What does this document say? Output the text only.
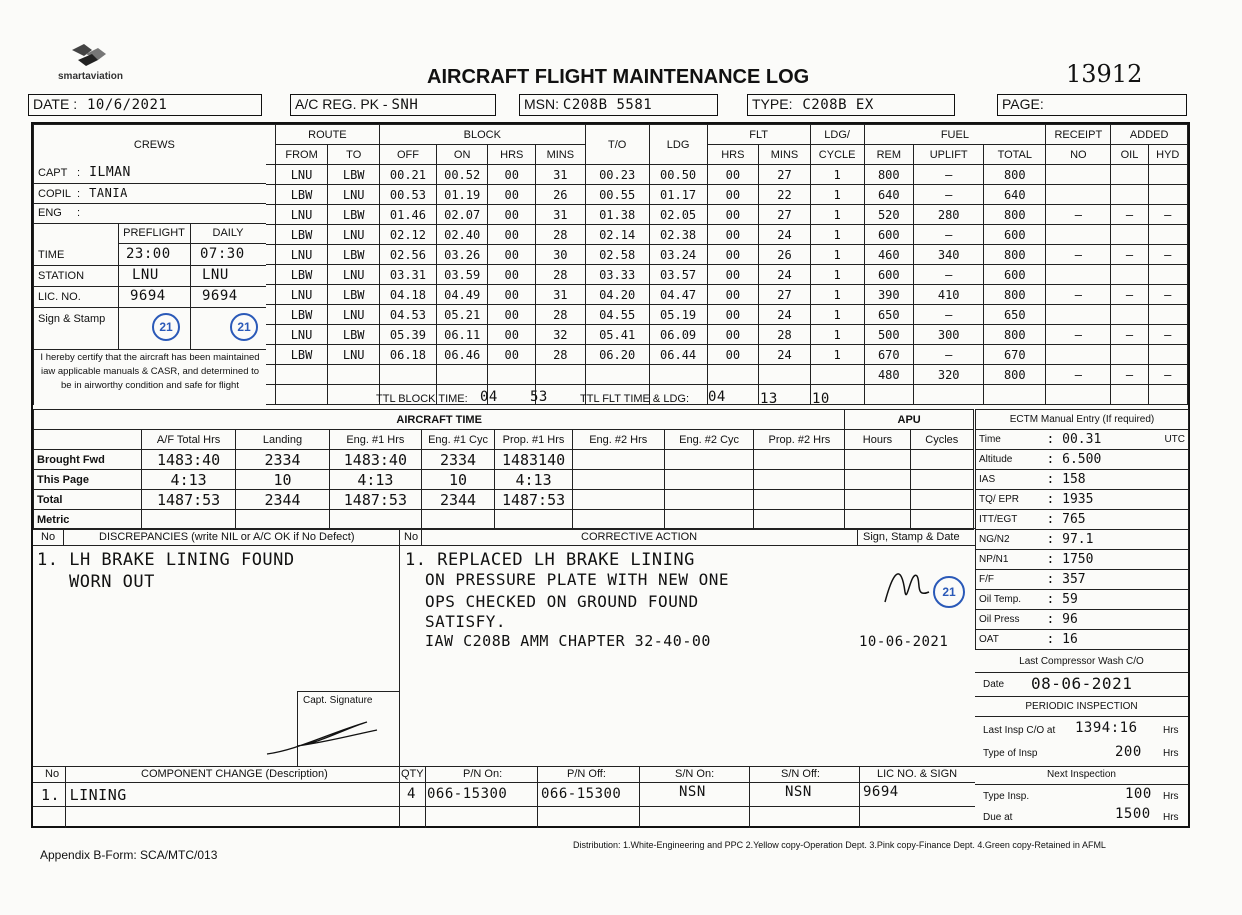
smartaviation	AIRCRAFT FLIGHT MAINTENANCE LOG	13912
DATE : 10/6/2021	A/C REG. PK - SNH	MSN: C208B 5581	TYPE: C208B EX	PAGE:
CREWS	ROUTE		BLOCK				T/O	LDG	FLT		LDG/	FUEL			RECEIPT	ADDED	
	FROM	TO	OFF	ON	HRS	MINS			HRS	MINS	CYCLE	REM	UPLIFT	TOTAL	NO	OIL	HYD
	LNU	LBW	00.21	00.52	00	31	00.23	00.50	00	27	1	800	—	800			
	LBW	LNU	00.53	01.19	00	26	00.55	01.17	00	22	1	640	—	640			
	LNU	LBW	01.46	02.07	00	31	01.38	02.05	00	27	1	520	280	800	—	—	—
	LBW	LNU	02.12	02.40	00	28	02.14	02.38	00	24	1	600	—	600			
	LNU	LBW	02.56	03.26	00	30	02.58	03.24	00	26	1	460	340	800	—	—	—
	LBW	LNU	03.31	03.59	00	28	03.33	03.57	00	24	1	600	—	600			
	LNU	LBW	04.18	04.49	00	31	04.20	04.47	00	27	1	390	410	800	—	—	—
	LBW	LNU	04.53	05.21	00	28	04.55	05.19	00	24	1	650	—	650			
	LNU	LBW	05.39	06.11	00	32	05.41	06.09	00	28	1	500	300	800	—	—	—
	LBW	LNU	06.18	06.46	00	28	06.20	06.44	00	24	1	670	—	670			
												480	320	800	—	—	—

CAPT : ILMAN
COPIL : TANIA
ENG :
PREFLIGHT	DAILY
TIME	23:00 07:30
STATION	LNU	LNU
LIC. NO.	9694	9694
Sign & Stamp
21	21
I hereby certify that the aircraft has been maintained iaw applicable manuals & CASR, and determined to be in airworthy condition and safe for flight
TTL BLOCK TIME: 04 53	TTL FLT TIME & LDG: 04 13 10
AIRCRAFT TIME									APU	
	A/F Total Hrs	Landing	Eng. #1 Hrs	Eng. #1 Cyc	Prop. #1 Hrs	Eng. #2 Hrs	Eng. #2 Cyc	Prop. #2 Hrs	Hours	Cycles
Brought Fwd	1483:40	2334	1483:40	2334	1483140					
This Page	4:13	10	4:13	10	4:13					
Total	1487:53	2344	1487:53	2344	1487:53					
Metric										
ECTM Manual Entry (If required)		
Time	: 00.31	UTC
Altitude	: 6.500	
IAS	: 158	
TQ/ EPR	: 1935	
ITT/EGT	: 765	
NG/N2	: 97.1	
NP/N1	: 1750	
F/F	: 357	
Oil Temp.	: 59	
Oil Press	: 96	
OAT	: 16	
Last Compressor Wash C/O
Date 08-06-2021
PERIODIC INSPECTION
Last Insp C/O at 1394:16	Hrs
Type of Insp	200 Hrs
Next Inspection
Type Insp.	100 Hrs
Due at	1500 Hrs
No	DISCREPANCIES (write NIL or A/C OK if No Defect)	No	CORRECTIVE ACTION	Sign, Stamp & Date
1. LH BRAKE LINING FOUND
WORN OUT
1. REPLACED LH BRAKE LINING
ON PRESSURE PLATE WITH NEW ONE
OPS CHECKED ON GROUND FOUND
SATISFY.
IAW C208B AMM CHAPTER 32-40-00	10-06-2021
21
Capt. Signature
No	COMPONENT CHANGE (Description)	QTY	P/N On:	P/N Off:	S/N On:	S/N Off:	LIC NO. & SIGN
1. LINING	4 066-15300 066-15300	NSN	NSN	9694
Appendix B-Form: SCA/MTC/013
Distribution: 1.White-Engineering and PPC 2.Yellow copy-Operation Dept. 3.Pink copy-Finance Dept. 4.Green copy-Retained in AFML
